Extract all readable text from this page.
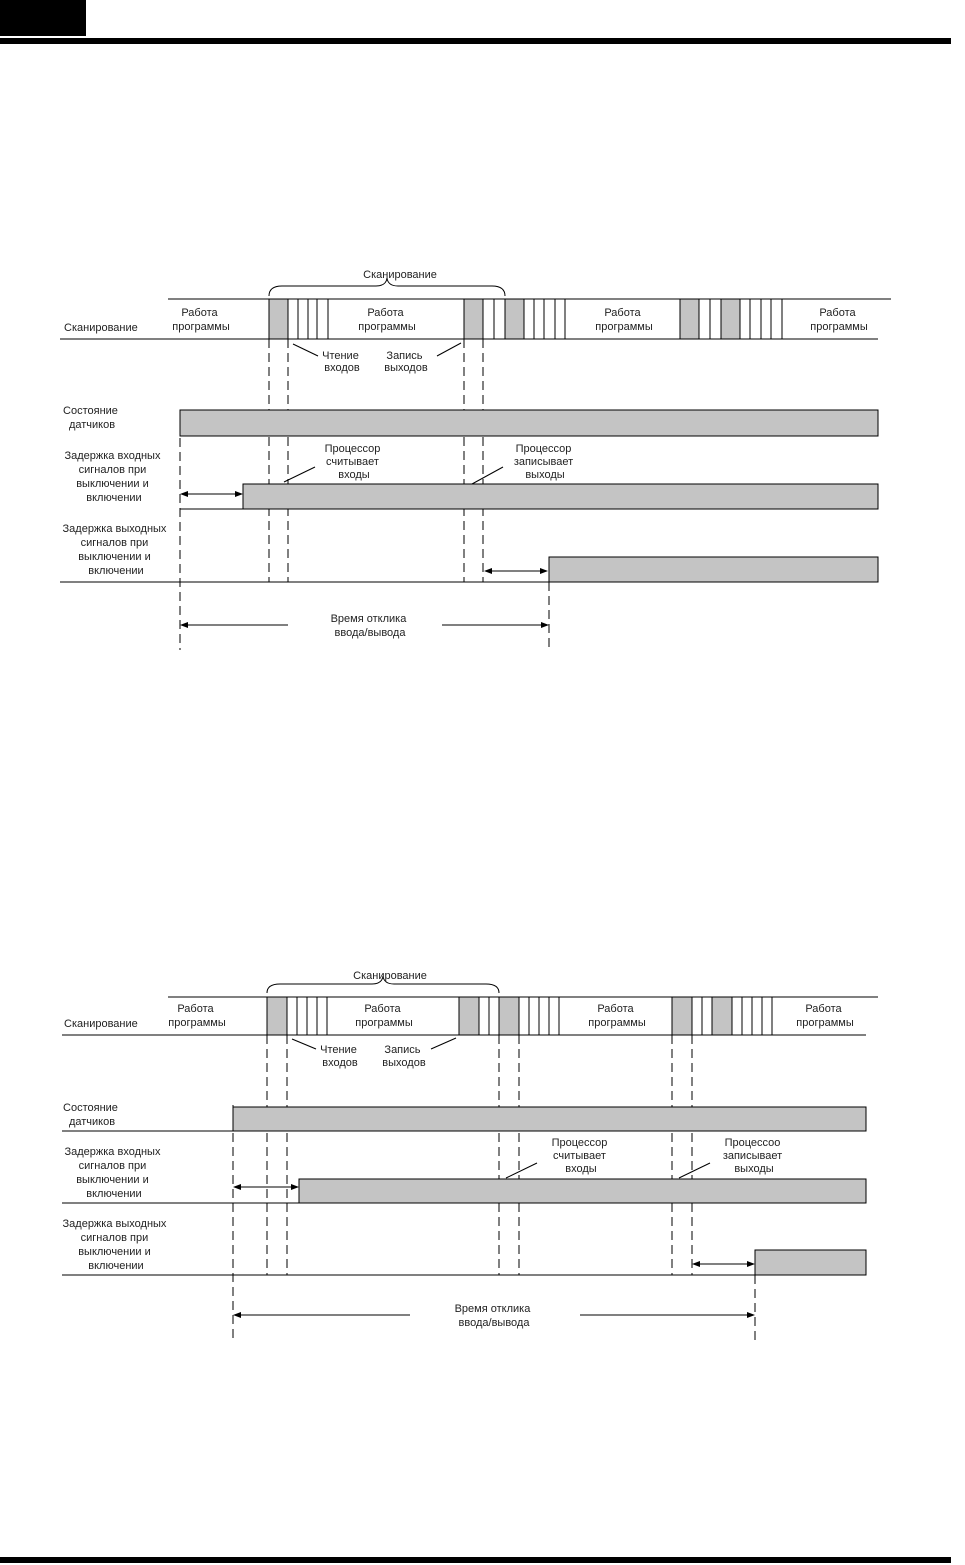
Сканирование
Сканирование
Состояние датчиков
Задержка входных сигналов при выключении и включении
Задержка выходных сигналов при выключении и включении
Работа программы
Работа программы
Работа программы
Работа программы
Чтение входов
Запись выходов
Процессор считывает входы
Процессор записывает выходы
Время отклика ввода/вывода
Сканирование
Сканирование
Состояние датчиков
Задержка входных сигналов при выключении и включении
Задержка выходных сигналов при выключении и включении
Работа программы
Работа программы
Работа программы
Работа программы
Чтение входов
Запись выходов
Процессор считывает входы
Процессоо записывает выходы
Время отклика ввода/вывода
